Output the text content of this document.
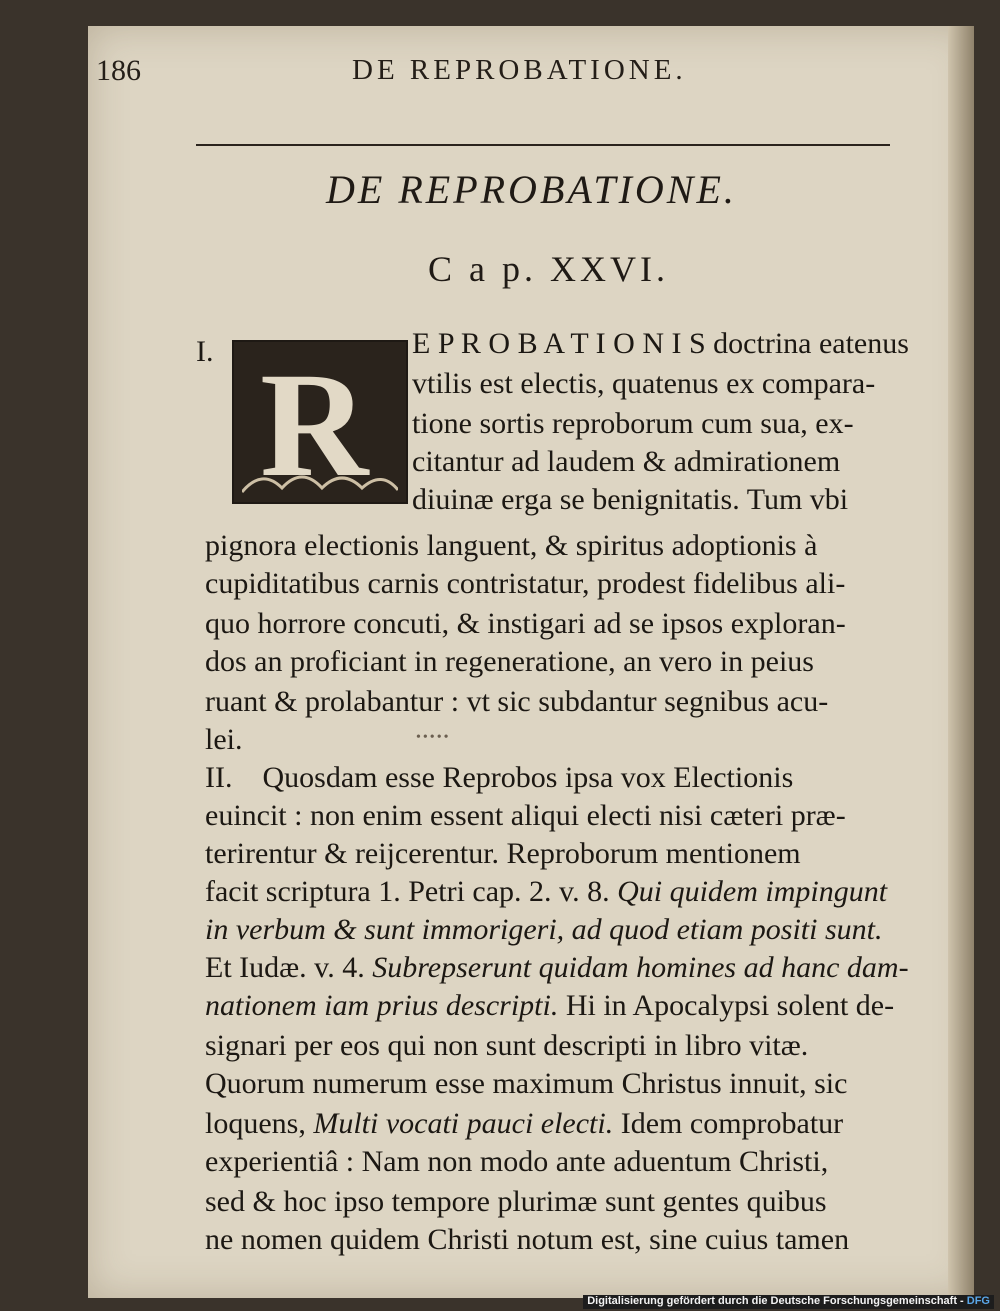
186	DE REPROBATIONE.
DE REPROBATIONE.
C a p. XXVI.
I. R E P R O B A T I O N I S doctrina eatenus
vtilis est electis, quatenus ex compara-
tione sortis reproborum cum sua, ex-
citantur ad laudem & admirationem
diuinæ erga se benignitatis. Tum vbi
pignora electionis languent, & spiritus adoptionis à
cupiditatibus carnis contristatur, prodest fidelibus ali-
quo horrore concuti, & instigari ad se ipsos exploran-
dos an proficiant in regeneratione, an vero in peius
ruant & prolabantur : vt sic subdantur segnibus acu-
lei.	•••••
II. Quosdam esse Reprobos ipsa vox Electionis
euincit : non enim essent aliqui electi nisi cæteri præ-
terirentur & reijcerentur. Reproborum mentionem
facit scriptura 1. Petri cap. 2. v. 8. Qui quidem impingunt
in verbum & sunt immorigeri, ad quod etiam positi sunt.
Et Iudæ. v. 4. Subrepserunt quidam homines ad hanc dam-
nationem iam prius descripti. Hi in Apocalypsi solent de-
signari per eos qui non sunt descripti in libro vitæ.
Quorum numerum esse maximum Christus innuit, sic
loquens, Multi vocati pauci electi. Idem comprobatur
experientiâ : Nam non modo ante aduentum Christi,
sed & hoc ipso tempore plurimæ sunt gentes quibus
ne nomen quidem Christi notum est, sine cuius tamen
Digitalisierung gefördert durch die Deutsche Forschungsgemeinschaft - DFG
